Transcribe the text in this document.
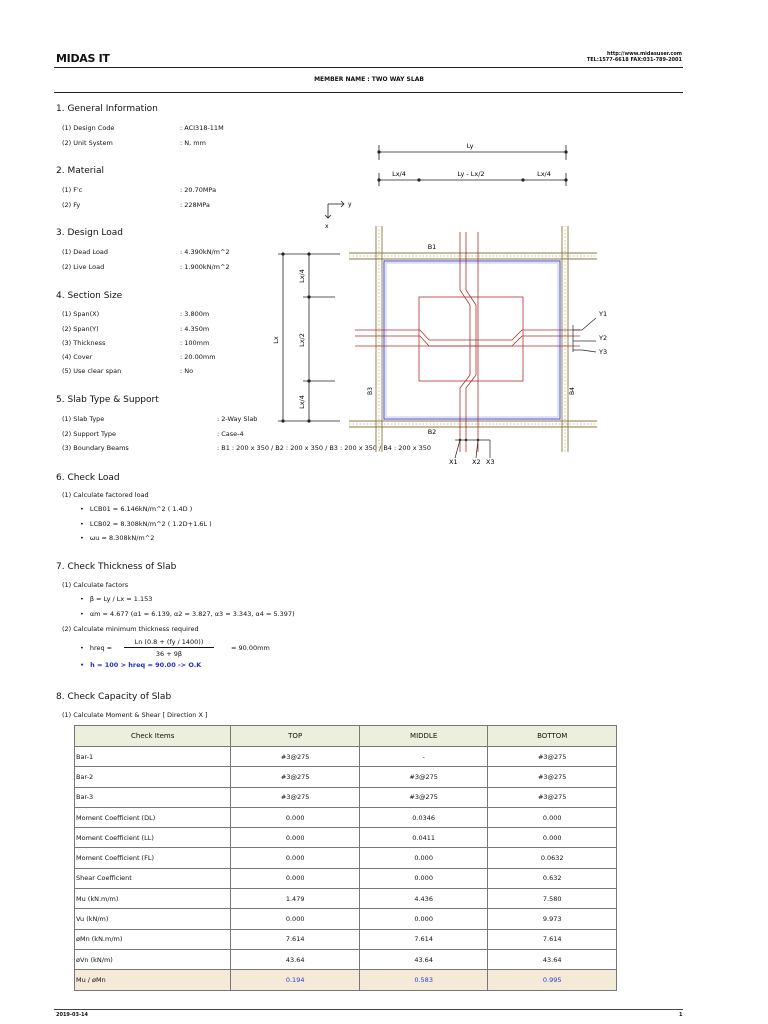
MIDAS IT	http://www.midasuser.com
TEL:1577-6618 FAX:031-789-2001
MEMBER NAME : TWO WAY SLAB
1. General Information
(1) Design Code	: ACI318-11M
(2) Unit System	: N, mm
2. Material
(1) F'c	: 20.70MPa
(2) Fy	: 228MPa
3. Design Load
(1) Dead Load	: 4.390kN/m^2
(2) Live Load	: 1.900kN/m^2
4. Section Size
(1) Span(X)	: 3.800m
(2) Span(Y)	: 4.350m
(3) Thickness	: 100mm
(4) Cover	: 20.00mm
(5) Use clear span	: No
5. Slab Type & Support
(1) Slab Type	: 2-Way Slab
(2) Support Type	: Case-4
(3) Boundary Beams	: B1 : 200 x 350 / B2 : 200 x 350 / B3 : 200 x 350 / B4 : 200 x 350
6. Check Load
(1) Calculate factored load
• LCB01 = 6.146kN/m^2 ( 1.4D )
• LCB02 = 8.308kN/m^2 ( 1.2D+1.6L )
• ωu = 8.308kN/m^2
7. Check Thickness of Slab
(1) Calculate factors
• β = Ly / Lx = 1.153
• αm = 4.677 (α1 = 6.139, α2 = 3.827, α3 = 3.343, α4 = 5.397)
(2) Calculate minimum thickness required
• hreq =
Ln (0.8 + (fy / 1400))
36 + 9β
= 90.00mm
• h = 100 > hreq = 90.00 -> O.K
8. Check Capacity of Slab
(1) Calculate Moment & Shear [ Direction X ]
Check Items	TOP	MIDDLE	BOTTOM
Bar-1	#3@275	-	#3@275
Bar-2	#3@275	#3@275	#3@275
Bar-3	#3@275	#3@275	#3@275
Moment Coefficient (DL)	0.000	0.0346	0.000
Moment Coefficient (LL)	0.000	0.0411	0.000
Moment Coefficient (FL)	0.000	0.000	0.0632
Shear Coefficient	0.000	0.000	0.632
Mu (kN.m/m)	1.479	4.436	7.580
Vu (kN/m)	0.000	0.000	9.973
øMn (kN.m/m)	7.614	7.614	7.614
øVn (kN/m)	43.64	43.64	43.64
Mu / øMn	0.194	0.583	0.995
Ly
Lx/4	Ly - Lx/2	Lx/4
y
x
Lx
Lx/4
Lx/2
Lx/4
Y1
Y2
Y3
X1 X2 X3
B1
B2
B3	B4
2019-03-14	1
